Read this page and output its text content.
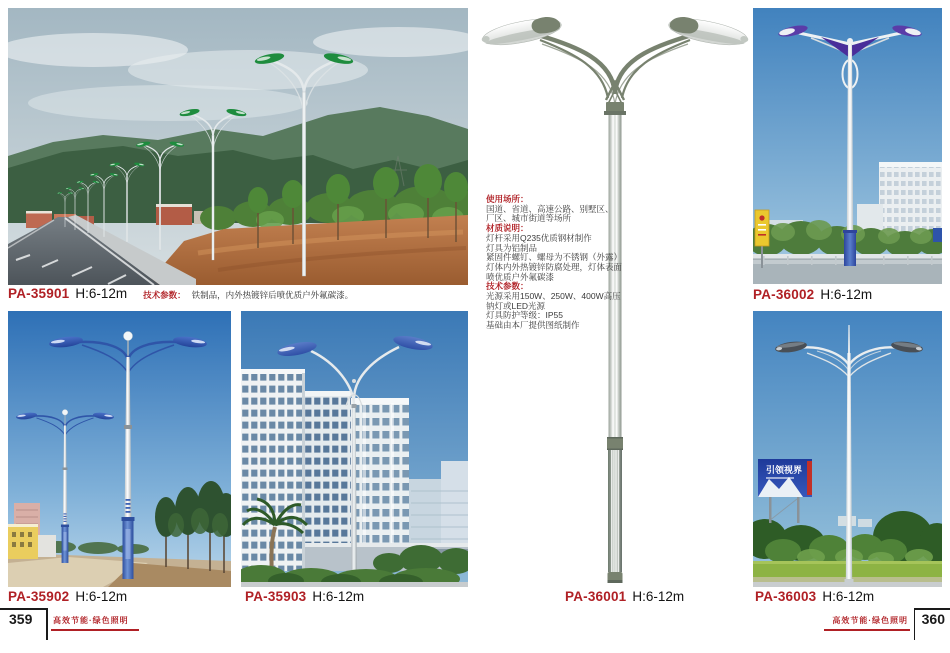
PA-35901 H:6-12m 技术参数： 铁制品，内外热镀锌后喷优质户外氟碳漆。
PA-35902 H:6-12m	PA-35903 H:6-12m
使用场所：
国道、省道、高速公路、别墅区、
厂区、城市街道等场所
材质说明：
灯杆采用Q235优质钢材制作
灯具为铝制品
紧固件螺钉、螺母为不锈钢（外露）
灯体内外热镀锌防腐处理，灯体表面
喷优质户外氟碳漆
技术参数：
光源采用150W、250W、400W高压
钠灯或LED光源
灯具防护等级：IP55
基础由本厂提供图纸制作
PA-36001 H:6-12m
PA-36002 H:6-12m
引领视界
PA-36003 H:6-12m
359	高效节能·绿色照明	360
高效节能·绿色照明
